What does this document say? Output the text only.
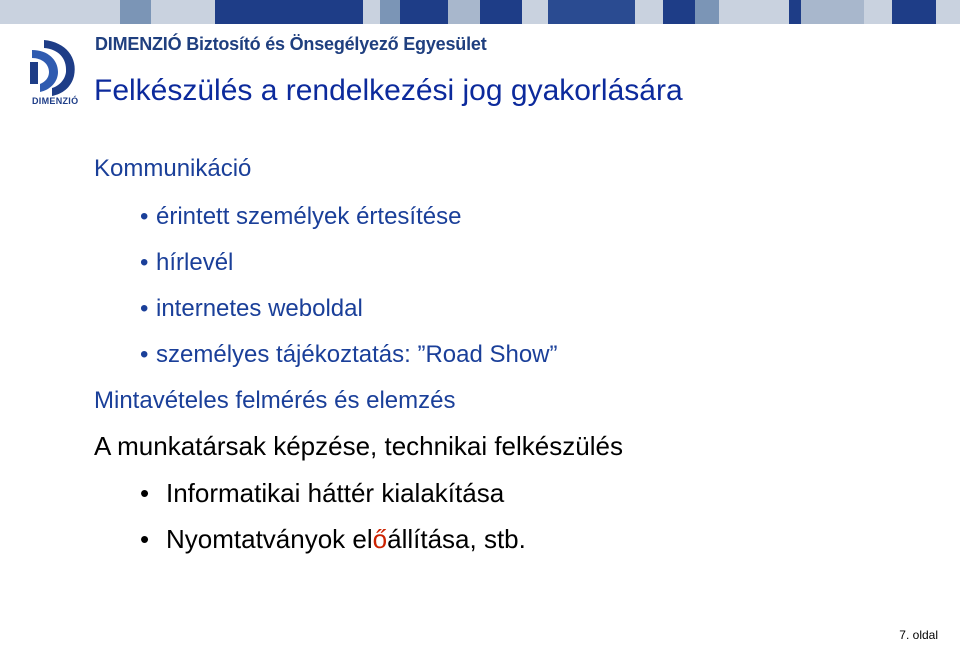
DIMENZIÓ
DIMENZIÓ Biztosító és Önsegélyező Egyesület
Felkészülés a rendelkezési jog gyakorlására
Kommunikáció
• érintett személyek értesítése
• hírlevél
• internetes weboldal
• személyes tájékoztatás: ”Road Show”
Mintavételes felmérés és elemzés
A munkatársak képzése, technikai felkészülés
• Informatikai háttér kialakítása
• Nyomtatványok előállítása, stb.
7. oldal
